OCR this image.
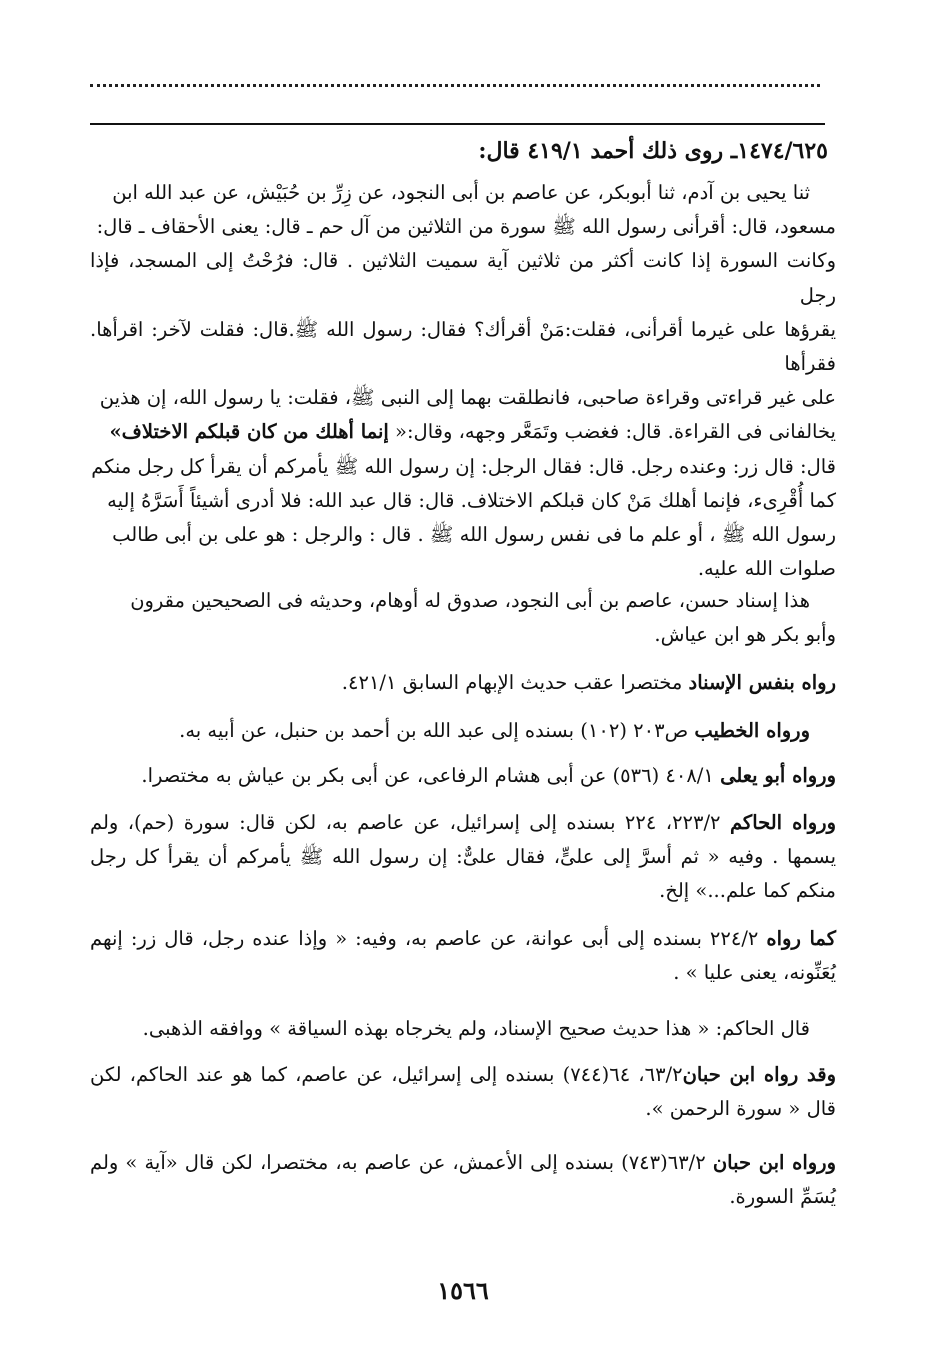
١٤٧٤/٦٢٥ـ روى ذلك أحمد ٤١٩/١ قال:

ثنا يحيى بن آدم، ثنا أبوبكر، عن عاصم بن أبى النجود، عن زِرِّ بن حُبَيْش، عن عبد الله ابن

مسعود، قال: أقرأنى رسول الله ﷺ سورة من الثلاثين من آل حم ـ قال: يعنى الأحقاف ـ قال:

وكانت السورة إذا كانت أكثر من ثلاثين آية سميت الثلاثين . قال: فرُحْتُ إلى المسجد، فإذا رجل

يقرؤها على غيرما أقرأنى، فقلت:مَنْ أقرأك؟ فقال: رسول الله ﷺ.قال: فقلت لآخر: اقرأها. فقرأها

على غير قراءتى وقراءة صاحبى، فانطلقت بهما إلى النبى ﷺ، فقلت: يا رسول الله، إن هذين

يخالفانى فى القراءة. قال: فغضب وتَمَعَّر وجهه، وقال:« إنما أهلك من كان قبلكم الاختلاف»

قال: قال زر: وعنده رجل. قال: فقال الرجل: إن رسول الله ﷺ يأمركم أن يقرأ كل رجل منكم

كما أُقْرِىء، فإنما أهلك مَنْ كان قبلكم الاختلاف. قال: قال عبد الله: فلا أدرى أشيئاً أَسَرَّهُ إليه

رسول الله ﷺ ، أو علم ما فى نفس رسول الله ﷺ . قال : والرجل : هو على بن أبى طالب

صلوات الله عليه.

هذا إسناد حسن، عاصم بن أبى النجود، صدوق له أوهام، وحديثه فى الصحيحين مقرون

وأبو بكر هو ابن عياش.

رواه بنفس الإسناد مختصرا عقب حديث الإبهام السابق ٤٢١/١.

ورواه الخطيب ص٢٠٣ (١٠٢) بسنده إلى عبد الله بن أحمد بن حنبل، عن أبيه به.

ورواه أبو يعلى ٤٠٨/١ (٥٣٦) عن أبى هشام الرفاعى، عن أبى بكر بن عياش به مختصرا.

ورواه الحاكم ٢٢٣/٢، ٢٢٤ بسنده إلى إسرائيل، عن عاصم به، لكن قال: سورة (حم)، ولم يسمها . وفيه « ثم أسرَّ إلى علىٍّ، فقال علىٌّ: إن رسول الله ﷺ يأمركم أن يقرأ كل رجل منكم كما علم...» إلخ.

كما رواه ٢٢٤/٢ بسنده إلى أبى عوانة، عن عاصم به، وفيه: « وإذا عنده رجل، قال زر: إنهم يُعَنِّونه، يعنى عليا » .

قال الحاكم: « هذا حديث صحيح الإسناد، ولم يخرجاه بهذه السياقة » ووافقه الذهبى.

وقد رواه ابن حبان٦٣/٢، ٦٤(٧٤٤) بسنده إلى إسرائيل، عن عاصم، كما هو عند الحاكم، لكن قال « سورة الرحمن ».

ورواه ابن حبان ٦٣/٢(٧٤٣) بسنده إلى الأعمش، عن عاصم به، مختصرا، لكن قال «آية » ولم يُسَمِّ السورة.

١٥٦٦
